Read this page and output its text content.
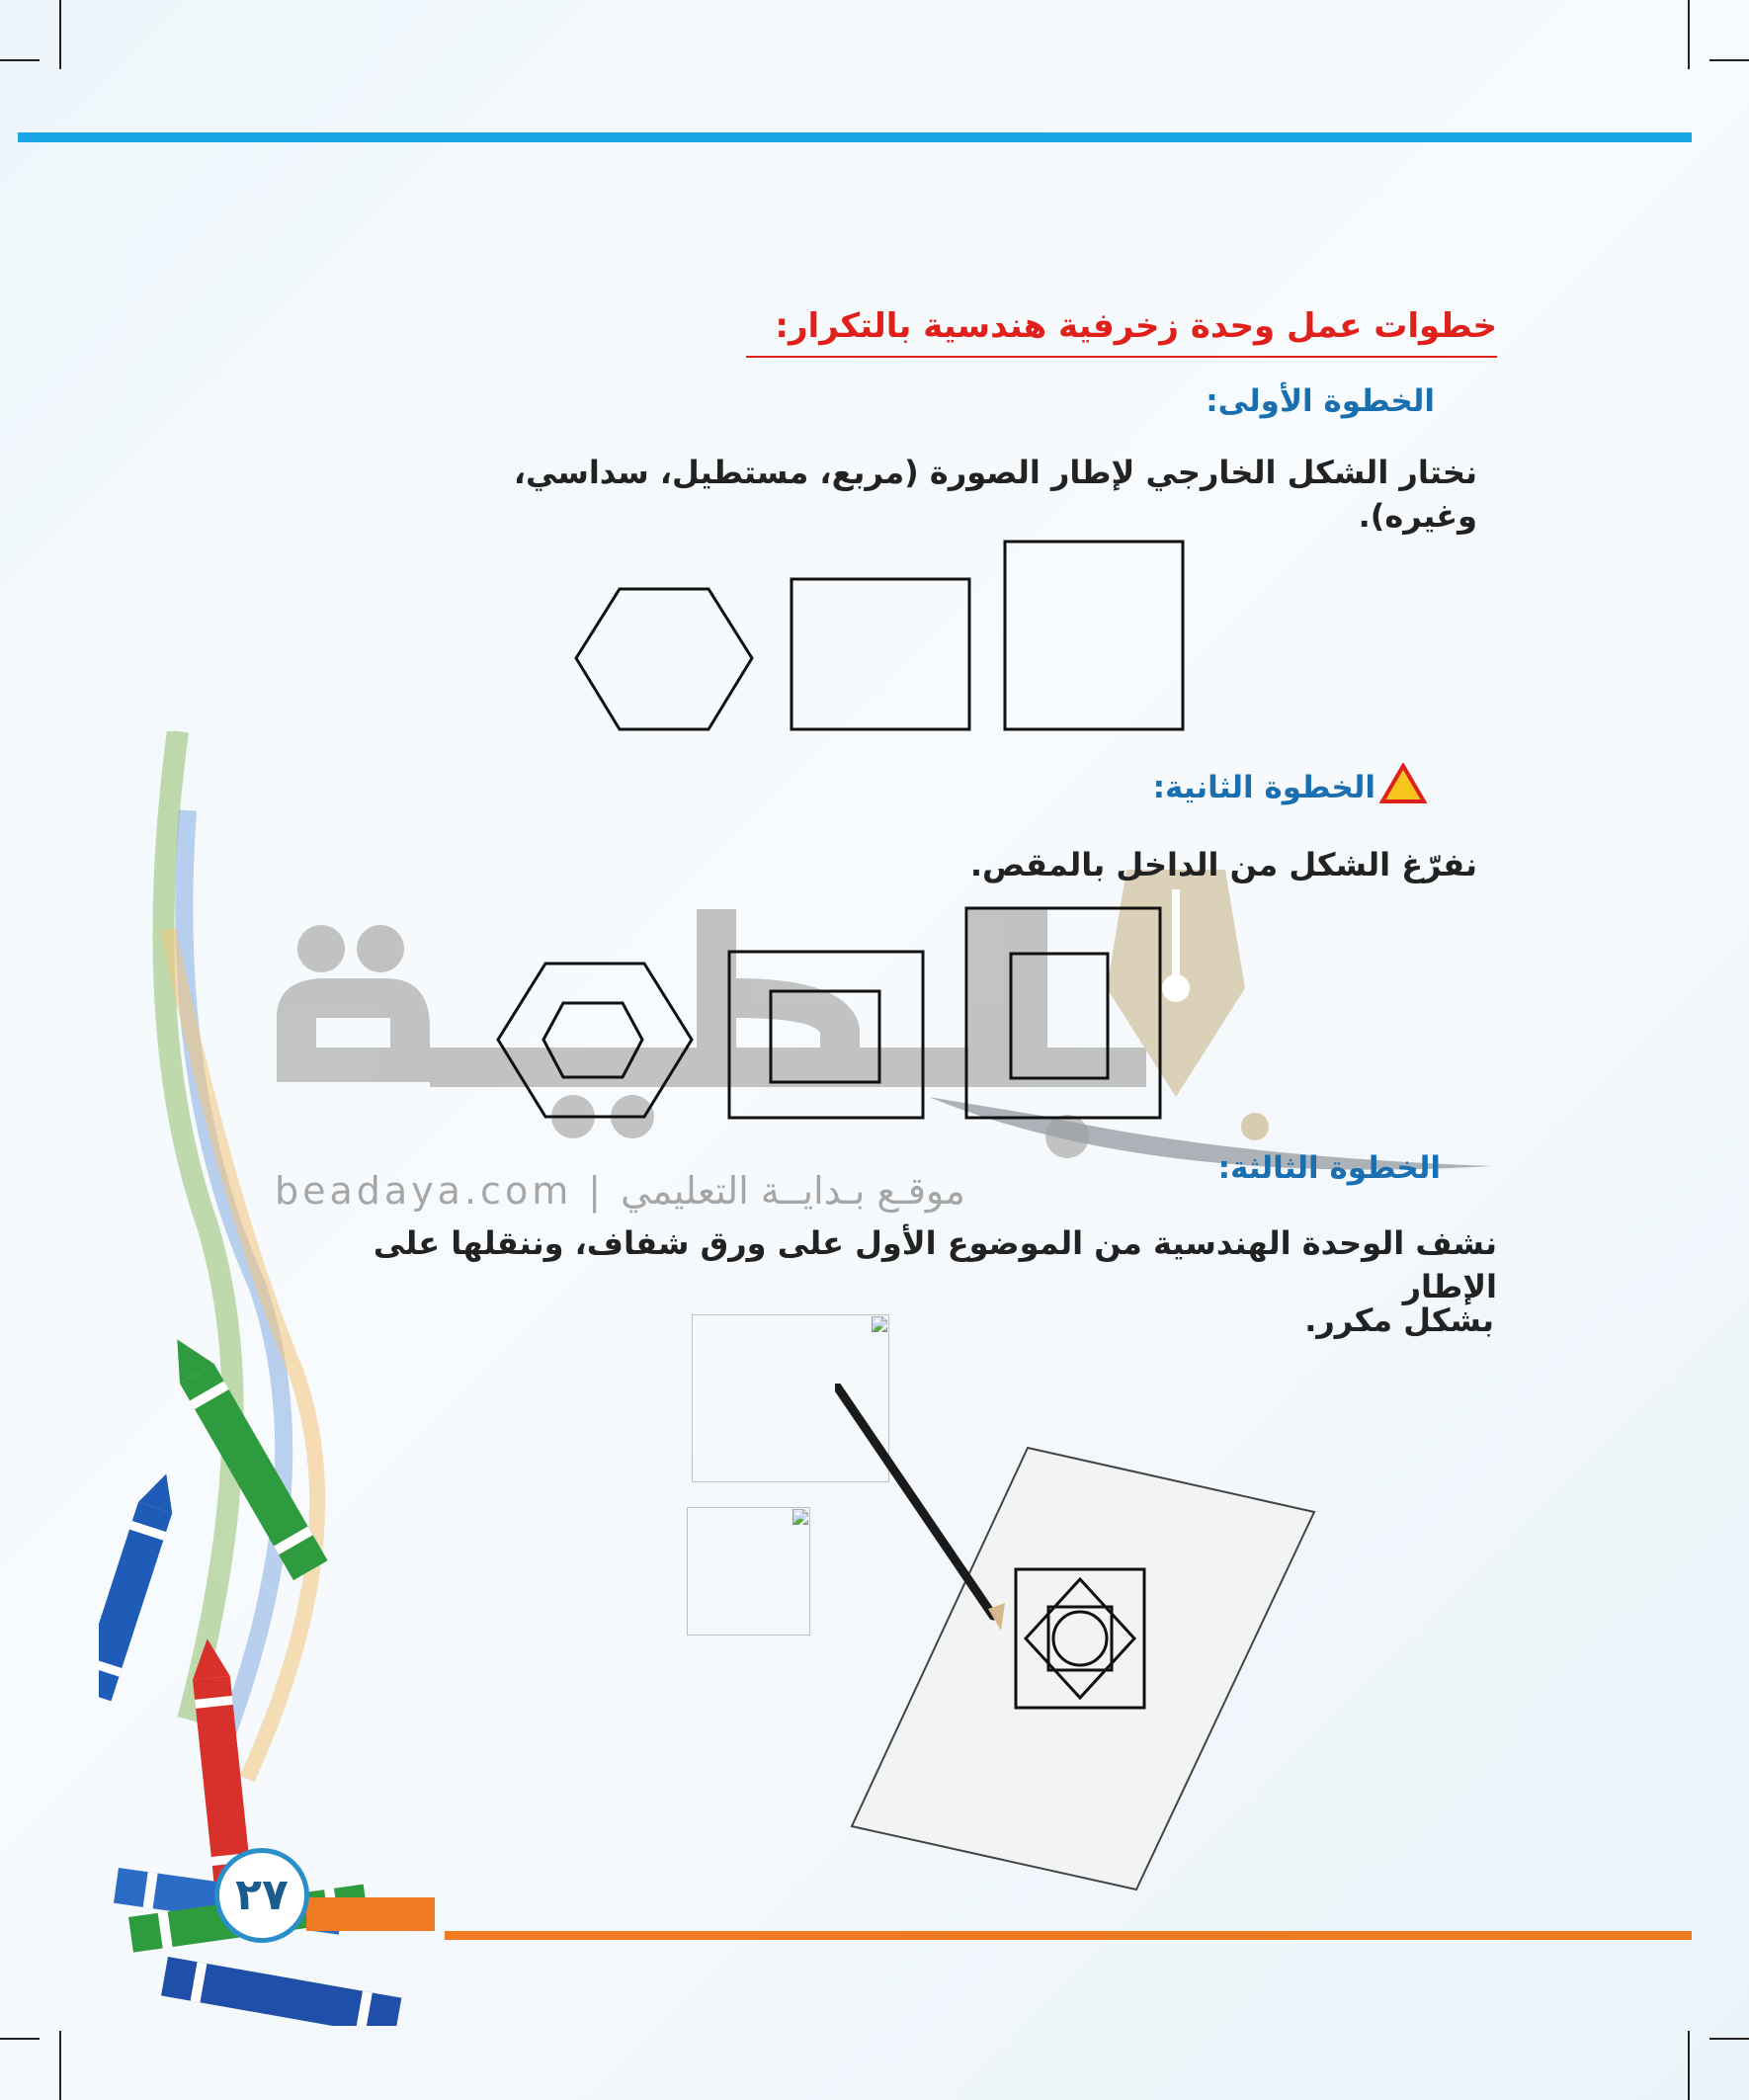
beadaya.com | موقـع بـدايــة التعليمي
٢٧
خطوات عمل وحدة زخرفية هندسية بالتكرار:
الخطوة الأولى:
نختار الشكل الخارجي لإطار الصورة (مربع، مستطيل، سداسي، وغيره).
الخطوة الثانية:
نفرّغ الشكل من الداخل بالمقص.
الخطوة الثالثة:
نشف الوحدة الهندسية من الموضوع الأول على ورق شفاف، وننقلها على الإطار
بشكل مكرر.
